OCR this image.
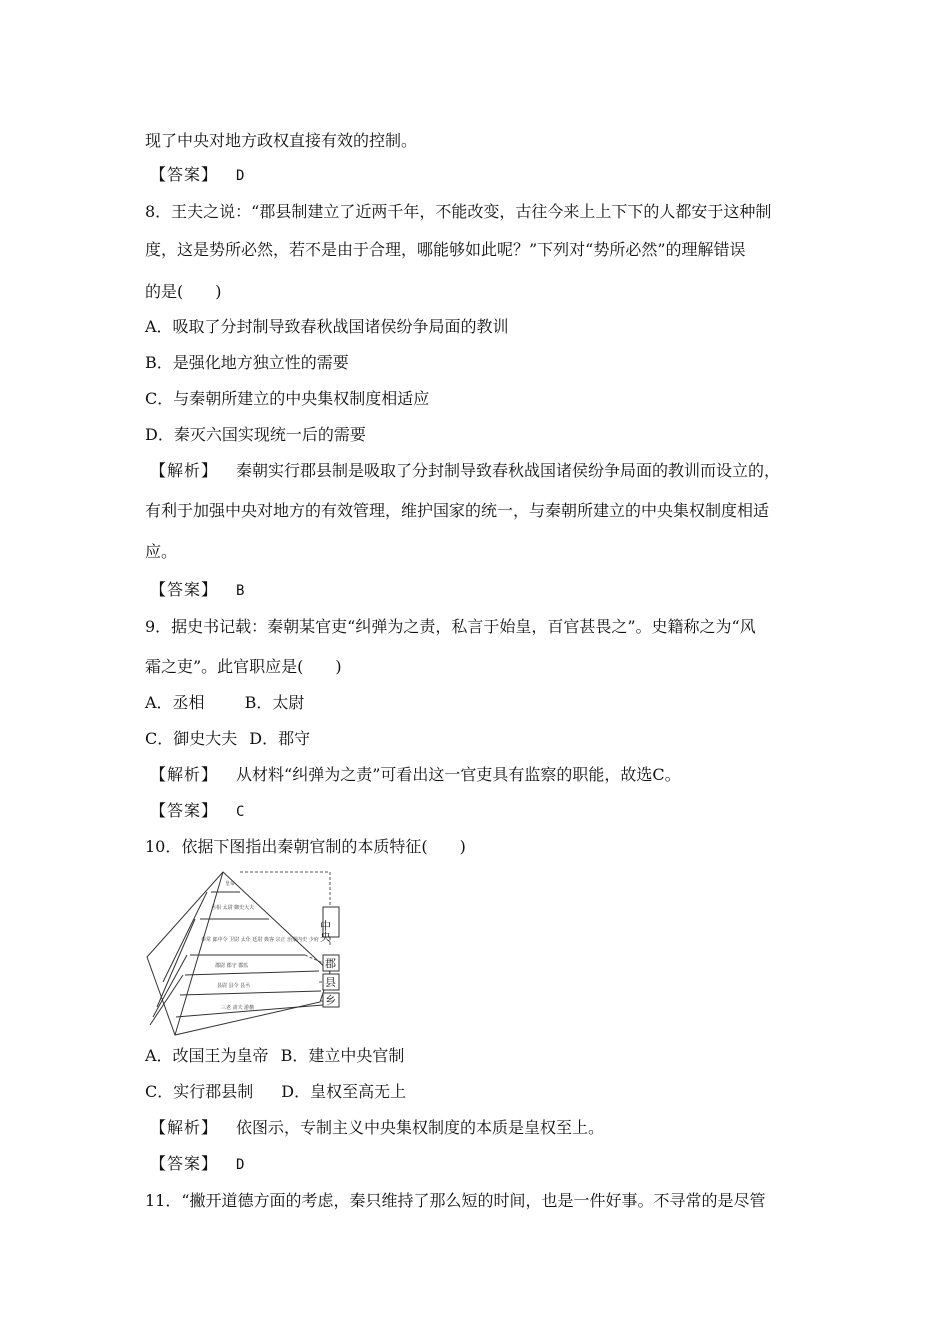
现了中央对地方政权直接有效的控制。
【答案】 D
8．王夫之说：“郡县制建立了近两千年，不能改变，古往今来上上下下的人都安于这种制
度，这是势所必然，若不是由于合理，哪能够如此呢？”下列对“势所必然”的理解错误
的是(　　)
A．吸取了分封制导致春秋战国诸侯纷争局面的教训
B．是强化地方独立性的需要
C．与秦朝所建立的中央集权制度相适应
D．秦灭六国实现统一后的需要
【解析】 秦朝实行郡县制是吸取了分封制导致春秋战国诸侯纷争局面的教训而设立的，
有利于加强中央对地方的有效管理，维护国家的统一，与秦朝所建立的中央集权制度相适
应。
【答案】 B
9．据史书记载：秦朝某官吏“纠弹为之责，私言于始皇，百官甚畏之”。史籍称之为“风
霜之吏”。此官职应是(　　)
A．丞相	B．太尉
C．御史大夫 D．郡守
【解析】 从材料“纠弹为之责”可看出这一官吏具有监察的职能，故选C。
【答案】 C
10．依据下图指出秦朝官制的本质特征(　　)
皇帝
丞相 太尉 御史大夫
奉常 郎中令 卫尉 太仆 廷尉 典客 宗正 治粟内史 少府
郡尉 郡守 郡监
县尉 县令 县丞
三老 啬夫 游徼
中央
郡
县
乡
A．改国王为皇帝 B．建立中央官制
C．实行郡县制 D．皇权至高无上
【解析】 依图示，专制主义中央集权制度的本质是皇权至上。
【答案】 D
11．“撇开道德方面的考虑，秦只维持了那么短的时间，也是一件好事。不寻常的是尽管
